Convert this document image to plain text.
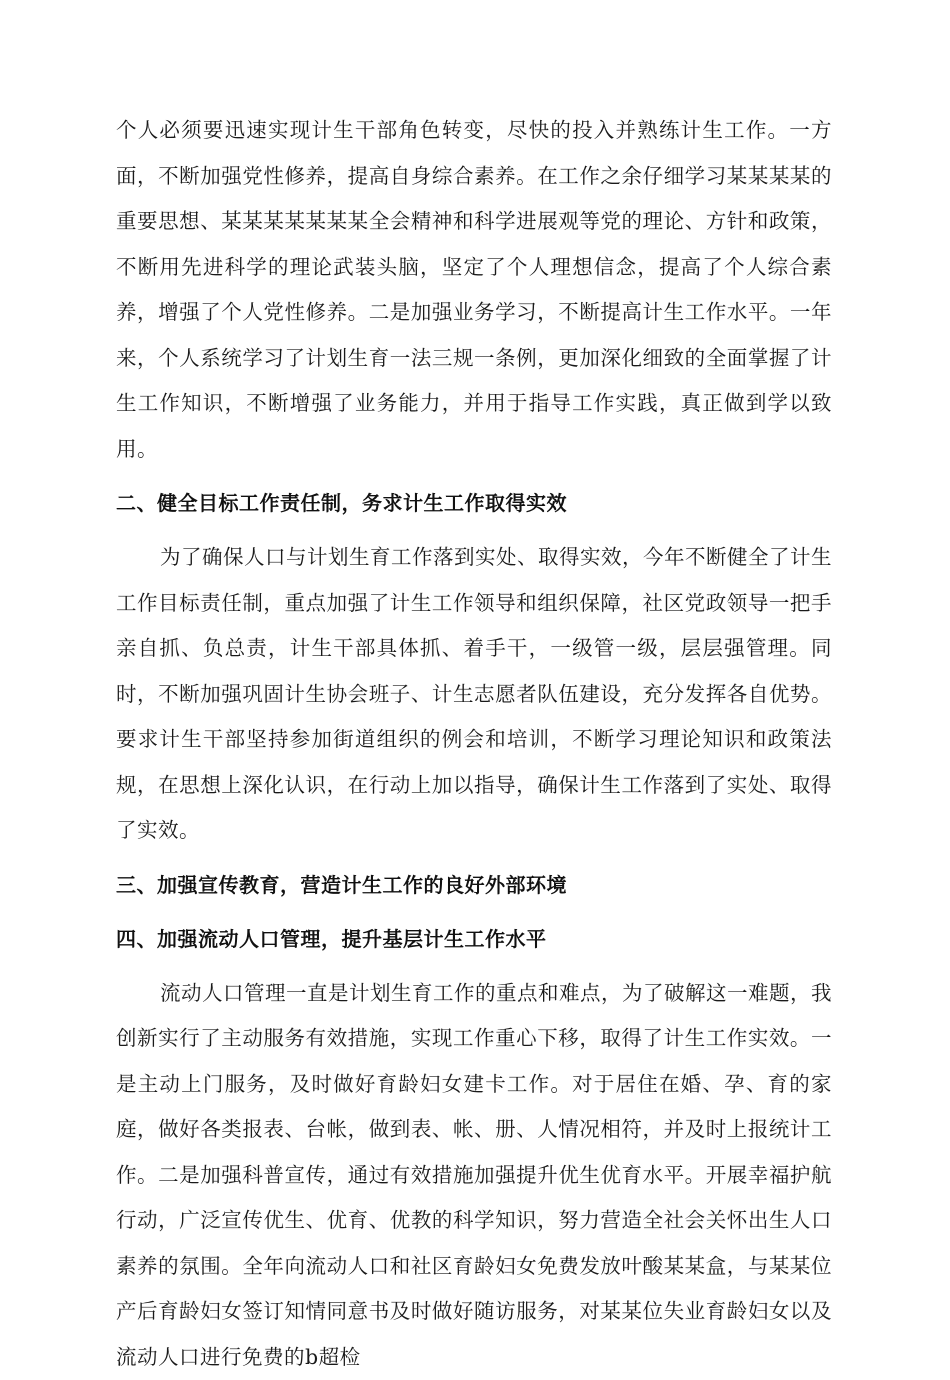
个人必须要迅速实现计生干部角色转变，尽快的投入并熟练计生工作。一方面，不断加强党性修养，提高自身综合素养。在工作之余仔细学习某某某某的重要思想、某某某某某某某全会精神和科学进展观等党的理论、方针和政策，不断用先进科学的理论武装头脑，坚定了个人理想信念，提高了个人综合素养，增强了个人党性修养。二是加强业务学习，不断提高计生工作水平。一年来，个人系统学习了计划生育一法三规一条例，更加深化细致的全面掌握了计生工作知识，不断增强了业务能力，并用于指导工作实践，真正做到学以致用。

二、健全目标工作责任制，务求计生工作取得实效

为了确保人口与计划生育工作落到实处、取得实效，今年不断健全了计生工作目标责任制，重点加强了计生工作领导和组织保障，社区党政领导一把手亲自抓、负总责，计生干部具体抓、着手干，一级管一级，层层强管理。同时，不断加强巩固计生协会班子、计生志愿者队伍建设，充分发挥各自优势。要求计生干部坚持参加街道组织的例会和培训，不断学习理论知识和政策法规，在思想上深化认识，在行动上加以指导，确保计生工作落到了实处、取得了实效。

三、加强宣传教育，营造计生工作的良好外部环境
四、加强流动人口管理，提升基层计生工作水平

流动人口管理一直是计划生育工作的重点和难点，为了破解这一难题，我创新实行了主动服务有效措施，实现工作重心下移，取得了计生工作实效。一是主动上门服务，及时做好育龄妇女建卡工作。对于居住在婚、孕、育的家庭，做好各类报表、台帐，做到表、帐、册、人情况相符，并及时上报统计工作。二是加强科普宣传，通过有效措施加强提升优生优育水平。开展幸福护航行动，广泛宣传优生、优育、优教的科学知识，努力营造全社会关怀出生人口素养的氛围。全年向流动人口和社区育龄妇女免费发放叶酸某某盒，与某某位产后育龄妇女签订知情同意书及时做好随访服务，对某某位失业育龄妇女以及流动人口进行免费的b超检
